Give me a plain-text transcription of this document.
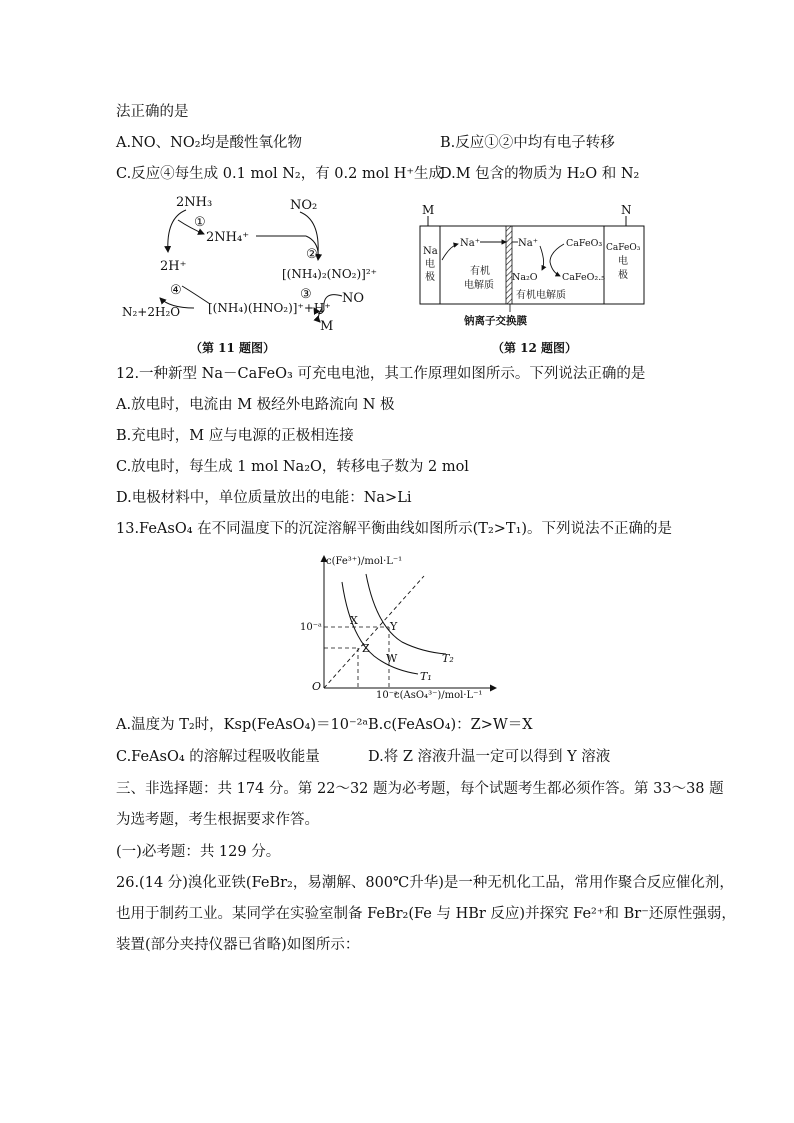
法正确的是
A.NO、NO₂均是酸性氧化物	B.反应①②中均有电子转移
C.反应④每生成 0.1 mol N₂，有 0.2 mol H⁺生成
D.M 包含的物质为 H₂O 和 N₂
2NH₃	NO₂
①
2NH₄⁺
②
[(NH₄)₂(NO₂)]²⁺
2H⁺
③ NO
④
[(NH₄)(HNO₂)]⁺+H⁺
N₂+2H₂O
M
M	N
Na
电
极
Na⁺
有机
电解质
Na⁺	CaFeO₃
Na₂O	CaFeO₂.₅
有机电解质
CaFeO₃
电
极
钠离子交换膜
（第 11 题图）	（第 12 题图）
12.一种新型 Na－CaFeO₃ 可充电电池，其工作原理如图所示。下列说法正确的是
A.放电时，电流由 M 极经外电路流向 N 极
B.充电时，M 应与电源的正极相连接
C.放电时，每生成 1 mol Na₂O，转移电子数为 2 mol
D.电极材料中，单位质量放出的电能：Na>Li
13.FeAsO₄ 在不同温度下的沉淀溶解平衡曲线如图所示(T₂>T₁)。下列说法不正确的是
c(Fe³⁺)/mol·L⁻¹
c(AsO₄³⁻)/mol·L⁻¹
10⁻ᵃ
10⁻ᵃ
O
X	Y
Z
W	T₂
T₁
A.温度为 T₂时，Ksp(FeAsO₄)＝10⁻²ᵃ B.c(FeAsO₄)：Z>W＝X
C.FeAsO₄ 的溶解过程吸收能量	D.将 Z 溶液升温一定可以得到 Y 溶液
三、非选择题：共 174 分。第 22～32 题为必考题，每个试题考生都必须作答。第 33～38 题
为选考题，考生根据要求作答。
(一)必考题：共 129 分。
26.(14 分)溴化亚铁(FeBr₂，易潮解、800℃升华)是一种无机化工品，常用作聚合反应催化剂，
也用于制药工业。某同学在实验室制备 FeBr₂(Fe 与 HBr 反应)并探究 Fe²⁺和 Br⁻还原性强弱，
装置(部分夹持仪器已省略)如图所示：
